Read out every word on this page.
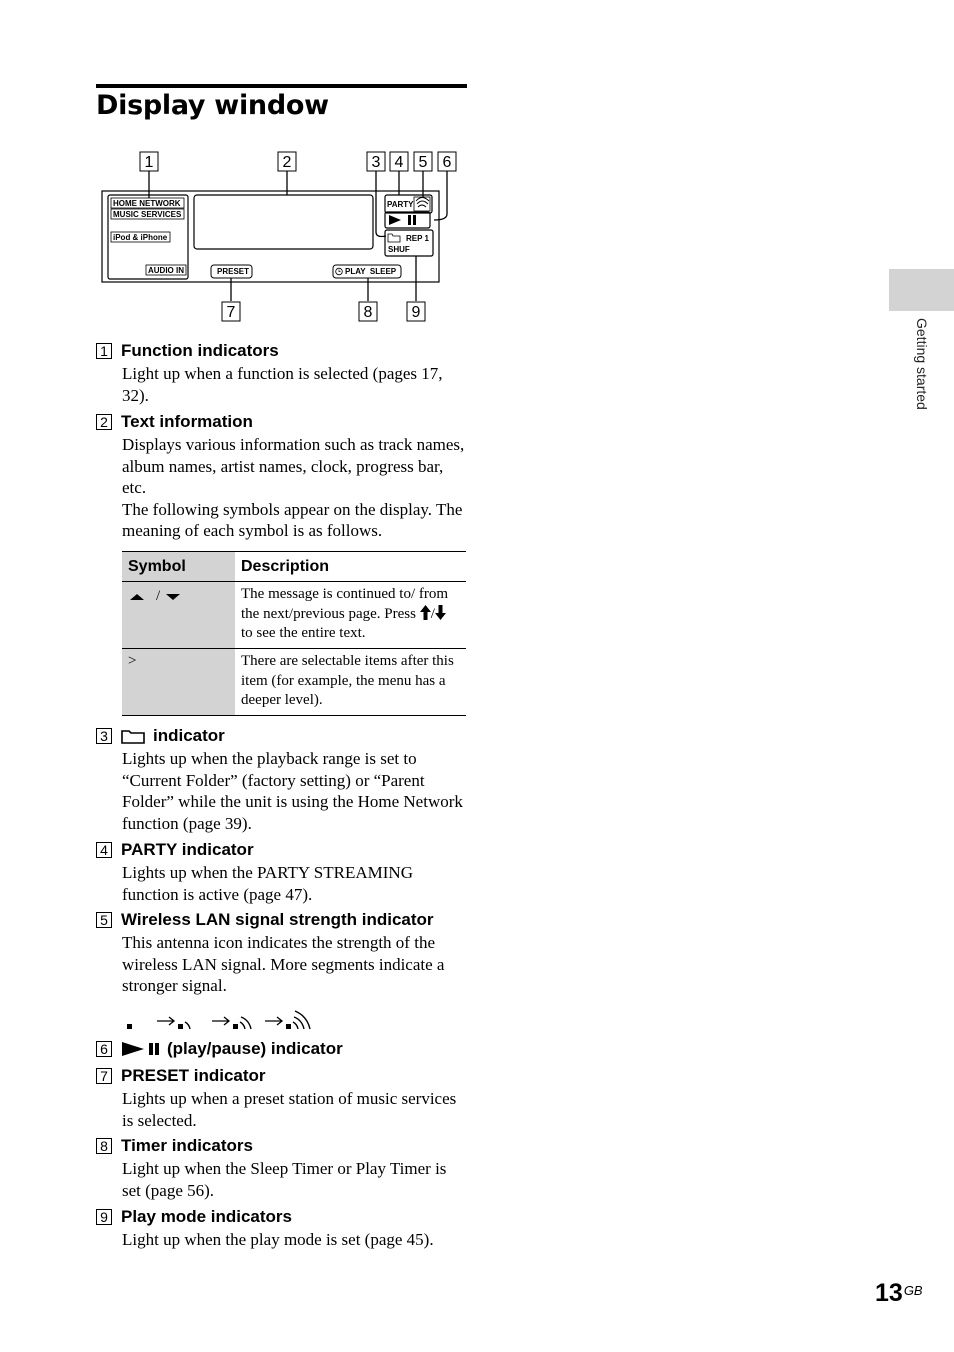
Display window
Getting started
1	2	3 4 5 6
HOME NETWORK
MUSIC SERVICES
iPod & iPhone
AUDIO IN
PARTY
REP 1
SHUF
PRESET	PLAY  SLEEP
7	8 9
1 Function indicators
Light up when a function is selected (pages 17, 32).
2 Text information
Displays various information such as track names, album names, artist names, clock, progress bar, etc.
The following symbols appear on the display. The meaning of each symbol is as follows.
Symbol	Description

/	The message is continued to/ from the next/previous page. Press / to see the entire text.
>	There are selectable items after this item (for example, the menu has a deeper level).
3	indicator
Lights up when the playback range is set to “Current Folder” (factory setting) or “Parent Folder” while the unit is using the Home Network function (page 39).
4 PARTY indicator
Lights up when the PARTY STREAMING function is active (page 47).
5 Wireless LAN signal strength indicator
This antenna icon indicates the strength of the wireless LAN signal. More segments indicate a stronger signal.
6	(play/pause) indicator
7 PRESET indicator
Lights up when a preset station of music services is selected.
8 Timer indicators
Light up when the Sleep Timer or Play Timer is set (page 56).
9 Play mode indicators
Light up when the play mode is set (page 45).
$13^{GB}$
